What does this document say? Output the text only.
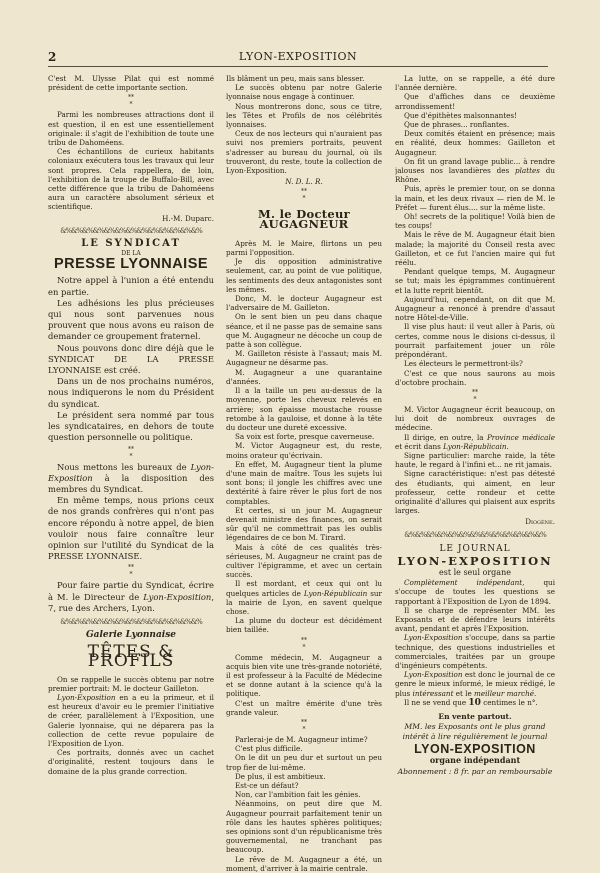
2	LYON-EXPOSITION

C'est M. Ulysse Pilat qui est nommé président de cette importante section.

**
*

Parmi les nombreuses attractions dont il est question, il en est une essentiellement originale: il s'agit de l'exhibition de toute une tribu de Dahoméens.

Ces échantillons de curieux habitants coloniaux exécutera tous les travaux qui leur sont propres. Cela rappellera, de loin, l'exhibition de la troupe de Buffalo-Bill, avec cette différence que la tribu de Dahoméens aura un caractère absolument sérieux et scientifique.

H.-M. Duparc.
&%&%&%&%&%&%&%&%&%&%&%&%&%
LE SYNDICAT
DE LA
PRESSE LYONNAISE

Notre appel à l'union a été entendu en partie.

Les adhésions les plus précieuses qui nous sont parvenues nous prouvent que nous avons eu raison de demander ce groupement fraternel.

Nous pouvons donc dire déjà que le SYNDICAT DE LA PRESSE LYONNAISE est créé.

Dans un de nos prochains numéros, nous indiquerons le nom du Président du syndicat.

Le président sera nommé par tous les syndicataires, en dehors de toute question personnelle ou politique.

**
*

Nous mettons les bureaux de Lyon-Exposition à la disposition des membres du Syndicat.

En même temps, nous prions ceux de nos grands confrères qui n'ont pas encore répondu à notre appel, de bien vouloir nous faire connaître leur opinion sur l'utilité du Syndicat de la PRESSE LYONNAISE.

**
*

Pour faire partie du Syndicat, écrire à M. le Directeur de Lyon-Exposition, 7, rue des Archers, Lyon.

&%&%&%&%&%&%&%&%&%&%&%&%&%
Galerie Lyonnaise
TÊTES & PROFILS

On se rappelle le succès obtenu par notre premier portrait: M. le docteur Gailleton.

Lyon-Exposition en a eu la primeur, et il est heureux d'avoir eu le premier l'initiative de créer, parallèlement à l'Exposition, une Galerie lyonnaise, qui ne déparera pas la collection de cette revue populaire de l'Exposition de Lyon.

Ces portraits, donnés avec un cachet d'originalité, restent toujours dans le domaine de la plus grande correction.

Ils blâment un peu, mais sans blesser.

Le succès obtenu par notre Galerie lyonnaise nous engage à continuer.

Nous montrerons donc, sous ce titre, les Têtes et Profils de nos célébrités lyonnaises.

Ceux de nos lecteurs qui n'auraient pas suivi nos premiers portraits, peuvent s'adresser au bureau du journal, où ils trouveront, du reste, toute la collection de Lyon-Exposition.

N. D. L. R.
**
*
M. le Docteur AUGAGNEUR

Après M. le Maire, flirtons un peu parmi l'opposition.

Je dis opposition administrative seulement, car, au point de vue politique, les sentiments des deux antagonistes sont les mêmes.

Donc, M. le docteur Augagneur est l'adversaire de M. Gailleton.

On le sent bien un peu dans chaque séance, et il ne passe pas de semaine sans que M. Augagneur ne décoche un coup de patte à son collègue.

M. Gailleton résiste à l'assaut; mais M. Augagneur ne désarme pas.

M. Augagneur a une quarantaine d'années.

Il a la taille un peu au-dessus de la moyenne, porte les cheveux relevés en arrière; son épaisse moustache rousse retombe à la gauloise, et donne à la tête du docteur une dureté excessive.

Sa voix est forte, presque caverneuse.

M. Victor Augagneur est, du reste, moins orateur qu'écrivain.

En effet, M. Augagneur tient la plume d'une main de maître. Tous les sujets lui sont bons; il jongle les chiffres avec une dextérité à faire rêver le plus fort de nos comptables.

Et certes, si un jour M. Augagneur devenait ministre des finances, on serait sûr qu'il ne commettrait pas les oublis légendaires de ce bon M. Tirard.

Mais à côté de ces qualités très-sérieuses, M. Augagneur ne craint pas de cultiver l'épigramme, et avec un certain succès.

Il est mordant, et ceux qui ont lu quelques articles de Lyon-Républicain sur la mairie de Lyon, en savent quelque chose.

La plume du docteur est décidément bien taillée.

**
*

Comme médecin, M. Augagneur a acquis bien vite une très-grande notoriété, il est professeur à la Faculté de Médecine et se donne autant à la science qu'à la politique.

C'est un maître émérite d'une très grande valeur.

**
*

Parlerai-je de M. Augagneur intime?

C'est plus difficile.

On le dit un peu dur et surtout un peu trop fier de lui-même.

De plus, il est ambitieux.

Est-ce un défaut?

Non, car l'ambition fait les génies.

Néanmoins, on peut dire que M. Augagneur pourrait parfaitement tenir un rôle dans les hautes sphères politiques; ses opinions sont d'un républicanisme très gouvernemental, ne tranchant pas beaucoup.

Le rêve de M. Augagneur a été, un moment, d'arriver à la mairie centrale.

La lutte, on se rappelle, a été dure l'année dernière.

Que d'affiches dans ce deuxième arrondissement!

Que d'épithètes malsonnantes!

Que de phrases... ronflantes.

Deux comités étaient en présence; mais en réalité, deux hommes: Gailleton et Augagneur.

On fit un grand lavage public... à rendre jalouses nos lavandières des plattes du Rhône.

Puis, après le premier tour, on se donna la main, et les deux rivaux — rien de M. le Préfet — furent élus.... sur la même liste.

Oh! secrets de la politique! Voilà bien de tes coups!

Mais le rêve de M. Augagneur était bien malade; la majorité du Conseil resta avec Gailleton, et ce fut l'ancien maire qui fut réélu.

Pendant quelque temps, M. Augagneur se tut; mais les épigrammes continuèrent et la lutte reprit bientôt.

Aujourd'hui, cependant, on dit que M. Augagneur a renoncé à prendre d'assaut notre Hôtel-de-Ville.

Il vise plus haut: il veut aller à Paris, où certes, comme nous le disions ci-dessus, il pourrait parfaitement jouer un rôle prépondérant.

Les électeurs le permettront-ils?

C'est ce que nous saurons au mois d'octobre prochain.

**
*

M. Victor Augagneur écrit beaucoup, on lui doit de nombreux ouvrages de médecine.

Il dirige, en outre, la Province médicale et écrit dans Lyon-Républicain.

Signe particulier: marche raide, la tête haute, le regard à l'infini et... ne rit jamais.

Signe caractéristique: n'est pas détesté des étudiants, qui aiment, en leur professeur, cette rondeur et cette originalité d'allures qui plaisent aux esprits larges.

Diogène.
&%&%&%&%&%&%&%&%&%&%&%&%&%
LE JOURNAL
LYON-EXPOSITION
est le seul organe

Complètement indépendant, qui s'occupe de toutes les questions se rapportant à l'Exposition de Lyon de 1894.

Il se charge de représenter MM. les Exposants et de défendre leurs intérêts avant, pendant et après l'Exposition.

Lyon-Exposition s'occupe, dans sa partie technique, des questions industrielles et commerciales, traitées par un groupe d'ingénieurs compétents.

Lyon-Exposition est donc le journal de ce genre le mieux informé, le mieux rédigé, le plus intéressant et le meilleur marché.

Il ne se vend que 10 centimes le n°.

En vente partout.
MM. les Exposants ont le plus grand intérêt à lire régulièrement le journal
LYON-EXPOSITION
organe indépendant
Abonnement : 8 fr. par an remboursable
